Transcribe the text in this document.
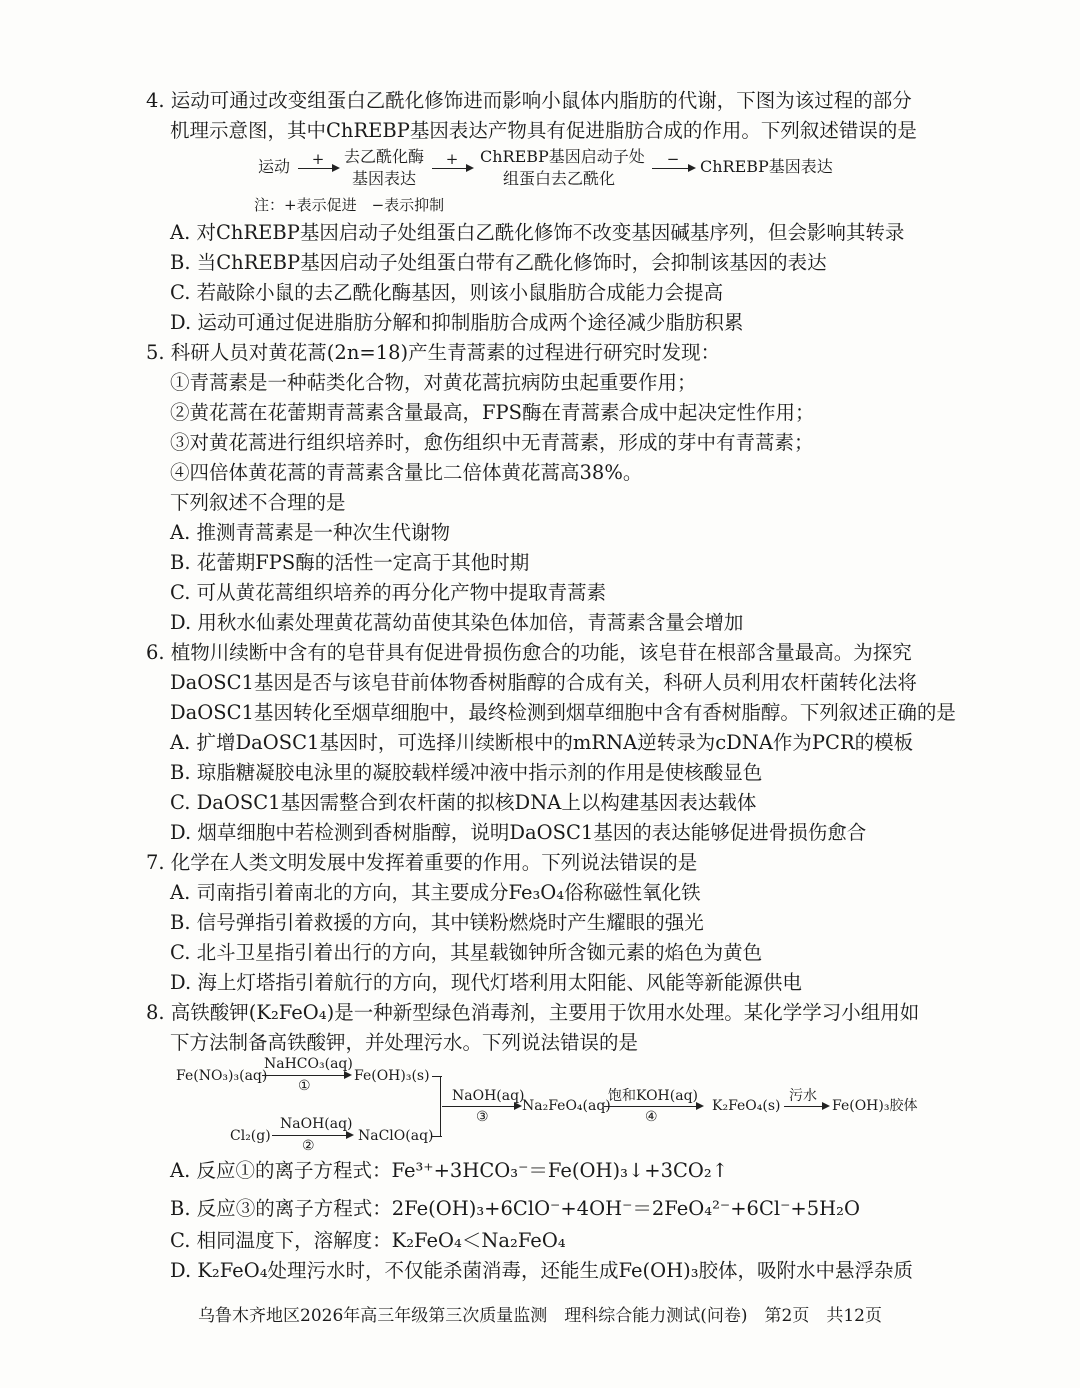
4. 运动可通过改变组蛋白乙酰化修饰进而影响小鼠体内脂肪的代谢，下图为该过程的部分
机理示意图，其中ChREBP基因表达产物具有促进脂肪合成的作用。下列叙述错误的是
运动 + 去乙酰化酶
基因表达
+ ChREBP基因启动子处
组蛋白去乙酰化
− ChREBP基因表达
注：+表示促进　−表示抑制
A. 对ChREBP基因启动子处组蛋白乙酰化修饰不改变基因碱基序列，但会影响其转录
B. 当ChREBP基因启动子处组蛋白带有乙酰化修饰时，会抑制该基因的表达
C. 若敲除小鼠的去乙酰化酶基因，则该小鼠脂肪合成能力会提高
D. 运动可通过促进脂肪分解和抑制脂肪合成两个途径减少脂肪积累
5. 科研人员对黄花蒿(2n=18)产生青蒿素的过程进行研究时发现：
①青蒿素是一种萜类化合物，对黄花蒿抗病防虫起重要作用；
②黄花蒿在花蕾期青蒿素含量最高，FPS酶在青蒿素合成中起决定性作用；
③对黄花蒿进行组织培养时，愈伤组织中无青蒿素，形成的芽中有青蒿素；
④四倍体黄花蒿的青蒿素含量比二倍体黄花蒿高38%。
下列叙述不合理的是
A. 推测青蒿素是一种次生代谢物
B. 花蕾期FPS酶的活性一定高于其他时期
C. 可从黄花蒿组织培养的再分化产物中提取青蒿素
D. 用秋水仙素处理黄花蒿幼苗使其染色体加倍，青蒿素含量会增加
6. 植物川续断中含有的皂苷具有促进骨损伤愈合的功能，该皂苷在根部含量最高。为探究
DaOSC1基因是否与该皂苷前体物香树脂醇的合成有关，科研人员利用农杆菌转化法将
DaOSC1基因转化至烟草细胞中，最终检测到烟草细胞中含有香树脂醇。下列叙述正确的是
A. 扩增DaOSC1基因时，可选择川续断根中的mRNA逆转录为cDNA作为PCR的模板
B. 琼脂糖凝胶电泳里的凝胶载样缓冲液中指示剂的作用是使核酸显色
C. DaOSC1基因需整合到农杆菌的拟核DNA上以构建基因表达载体
D. 烟草细胞中若检测到香树脂醇，说明DaOSC1基因的表达能够促进骨损伤愈合
7. 化学在人类文明发展中发挥着重要的作用。下列说法错误的是
A. 司南指引着南北的方向，其主要成分Fe₃O₄俗称磁性氧化铁
B. 信号弹指引着救援的方向，其中镁粉燃烧时产生耀眼的强光
C. 北斗卫星指引着出行的方向，其星载铷钟所含铷元素的焰色为黄色
D. 海上灯塔指引着航行的方向，现代灯塔利用太阳能、风能等新能源供电
8. 高铁酸钾(K₂FeO₄)是一种新型绿色消毒剂，主要用于饮用水处理。某化学学习小组用如
下方法制备高铁酸钾，并处理污水。下列说法错误的是
Fe(NO₃)₃(aq)
NaHCO₃(aq)
①
Fe(OH)₃(s)
Cl₂(g)
NaOH(aq)
②
NaClO(aq)
NaOH(aq)
③
Na₂FeO₄(aq)
饱和KOH(aq)
④
K₂FeO₄(s)
污水
Fe(OH)₃胶体
A. 反应①的离子方程式：Fe³⁺+3HCO₃⁻＝Fe(OH)₃↓+3CO₂↑
B. 反应③的离子方程式：2Fe(OH)₃+6ClO⁻+4OH⁻＝2FeO₄²⁻+6Cl⁻+5H₂O
C. 相同温度下，溶解度：K₂FeO₄＜Na₂FeO₄
D. K₂FeO₄处理污水时，不仅能杀菌消毒，还能生成Fe(OH)₃胶体，吸附水中悬浮杂质
乌鲁木齐地区2026年高三年级第三次质量监测　理科综合能力测试(问卷)　第2页　共12页
